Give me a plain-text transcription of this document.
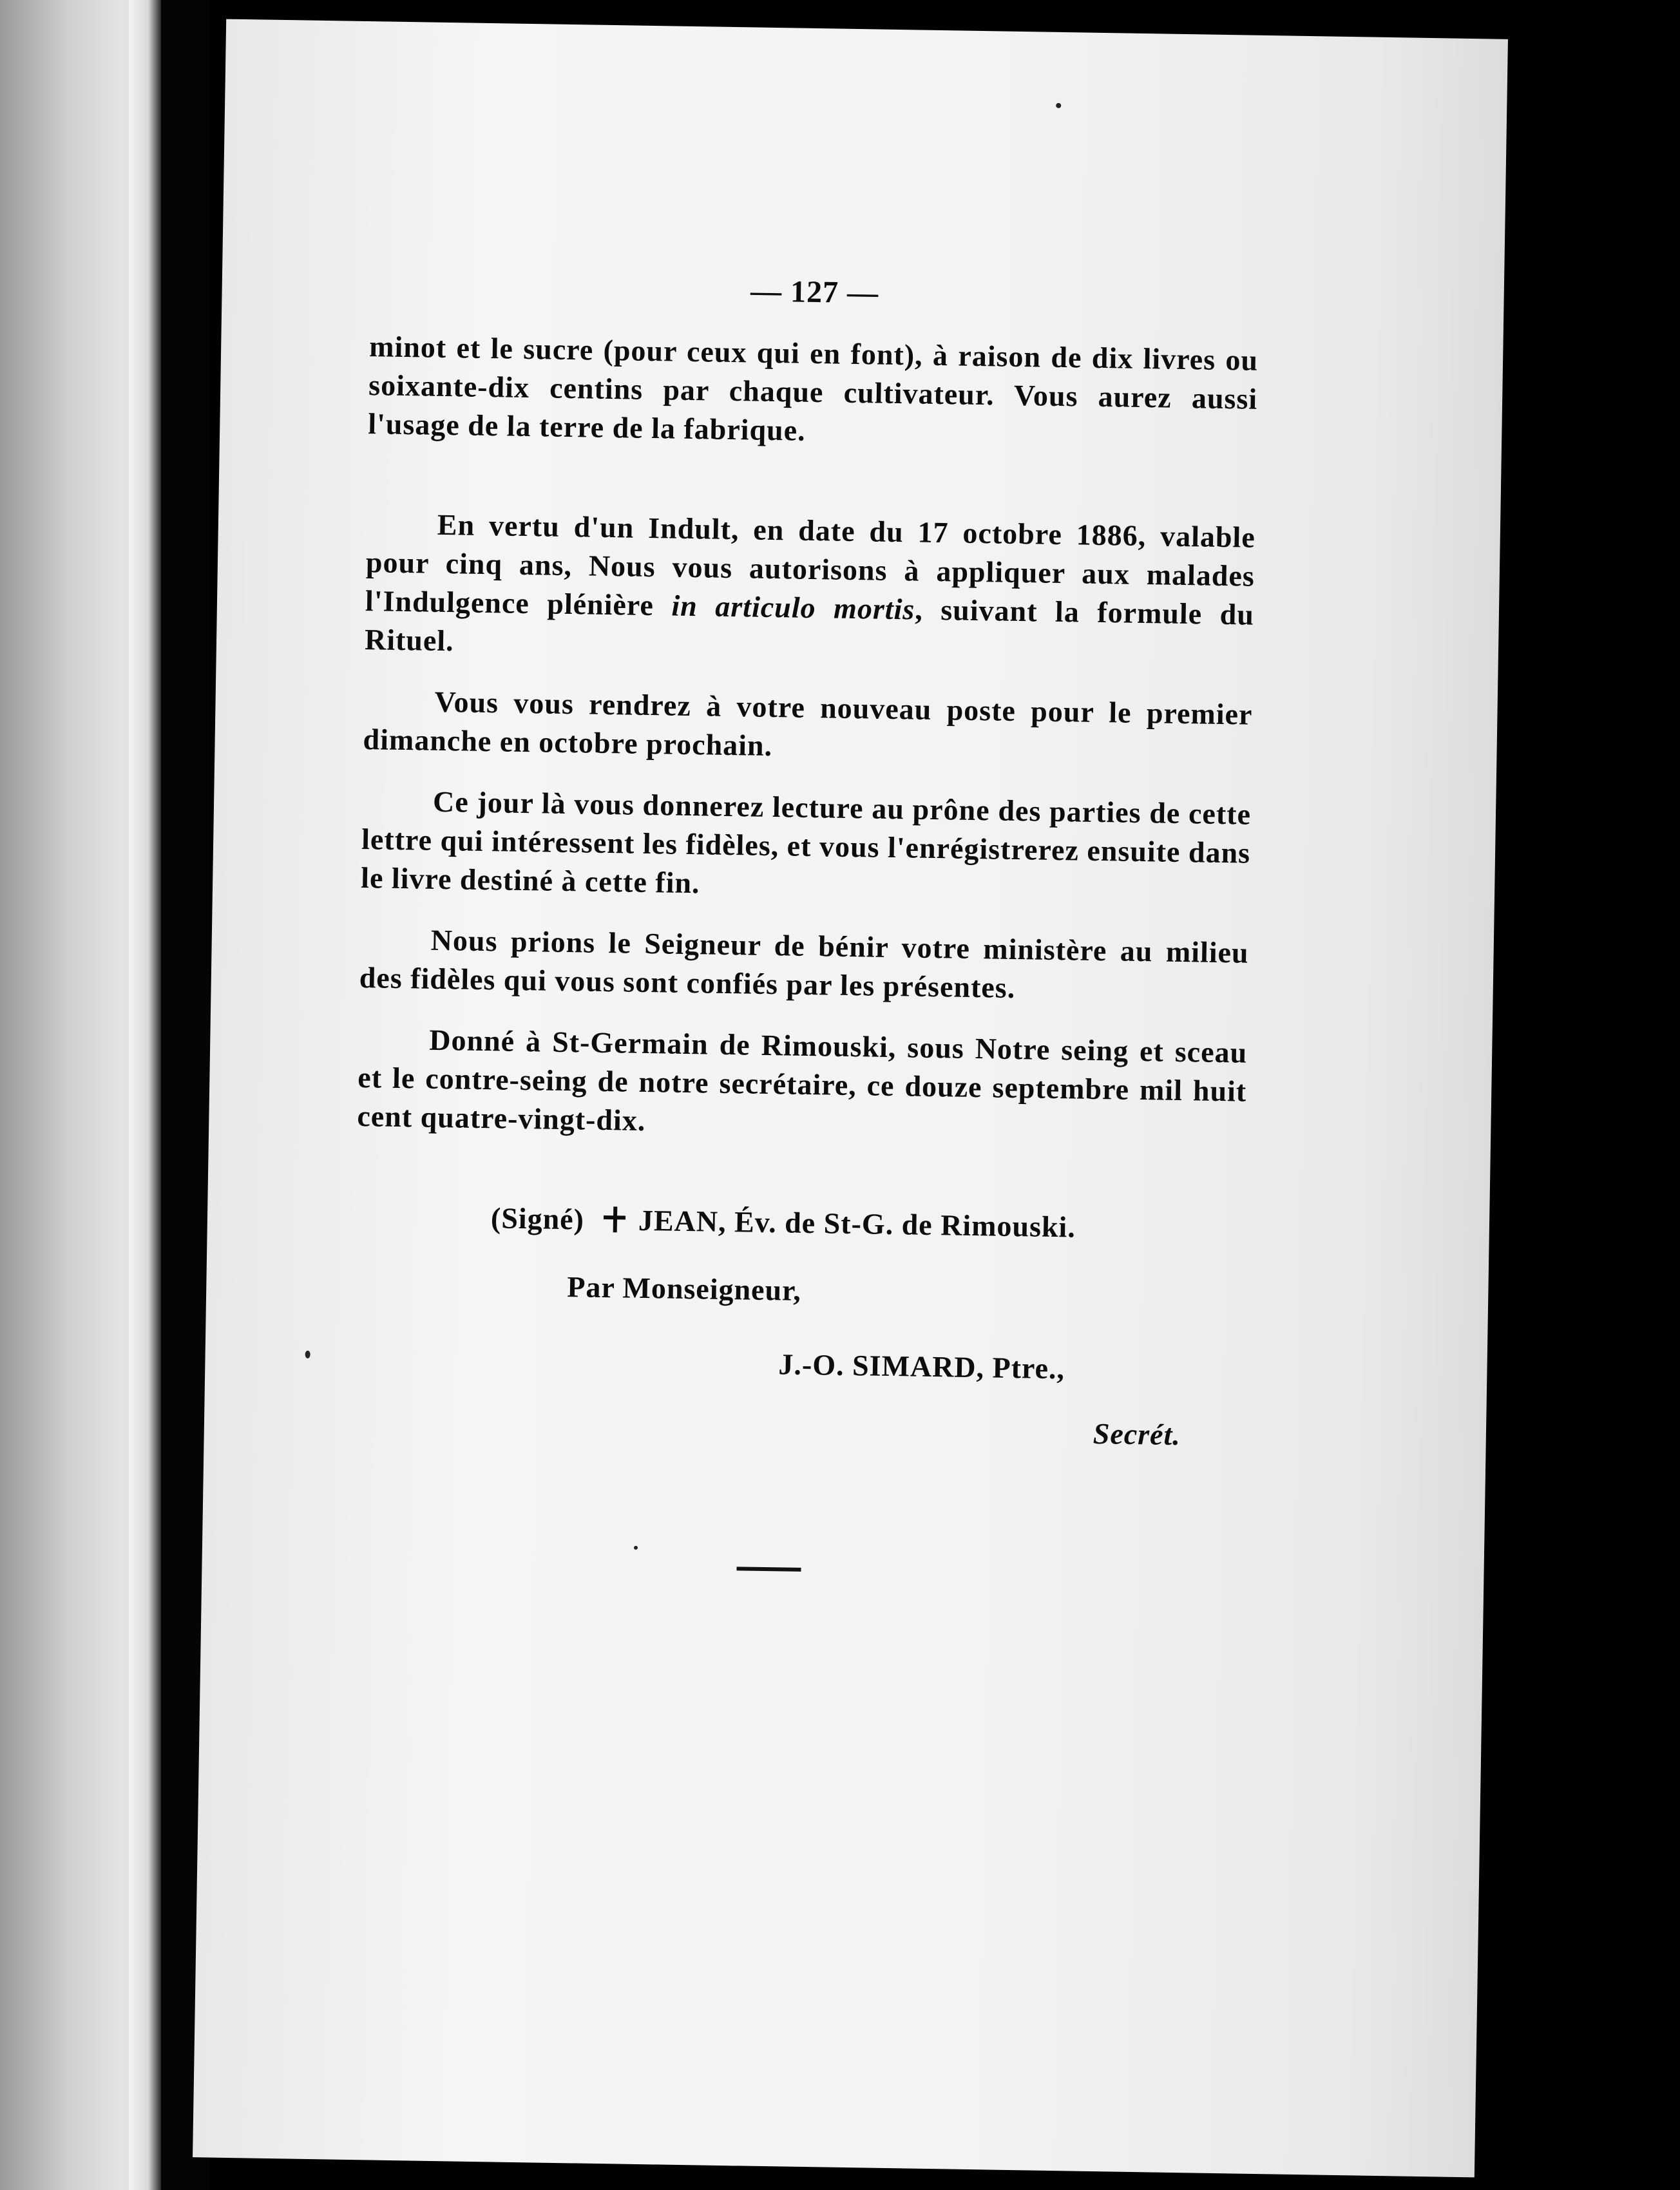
— 127 —

minot et le sucre (pour ceux qui en font), à raison de dix livres ou soixante-dix centins par chaque cultivateur. Vous aurez aussi l'usage de la terre de la fabrique.

En vertu d'un Indult, en date du 17 octobre 1886, valable pour cinq ans, Nous vous autorisons à appliquer aux malades l'Indulgence plénière in articulo mortis, suivant la formule du Rituel.

Vous vous rendrez à votre nouveau poste pour le premier dimanche en octobre prochain.

Ce jour là vous donnerez lecture au prône des parties de cette lettre qui intéressent les fidèles, et vous l'enrégistrerez ensuite dans le livre destiné à cette fin.

Nous prions le Seigneur de bénir votre ministère au milieu des fidèles qui vous sont confiés par les présentes.

Donné à St-Germain de Rimouski, sous Notre seing et sceau et le contre-seing de notre secrétaire, ce douze septembre mil huit cent quatre-vingt-dix.

(Signé) JEAN, Év. de St-G. de Rimouski.
Par Monseigneur,
J.-O. SIMARD, Ptre.,
Secrét.
